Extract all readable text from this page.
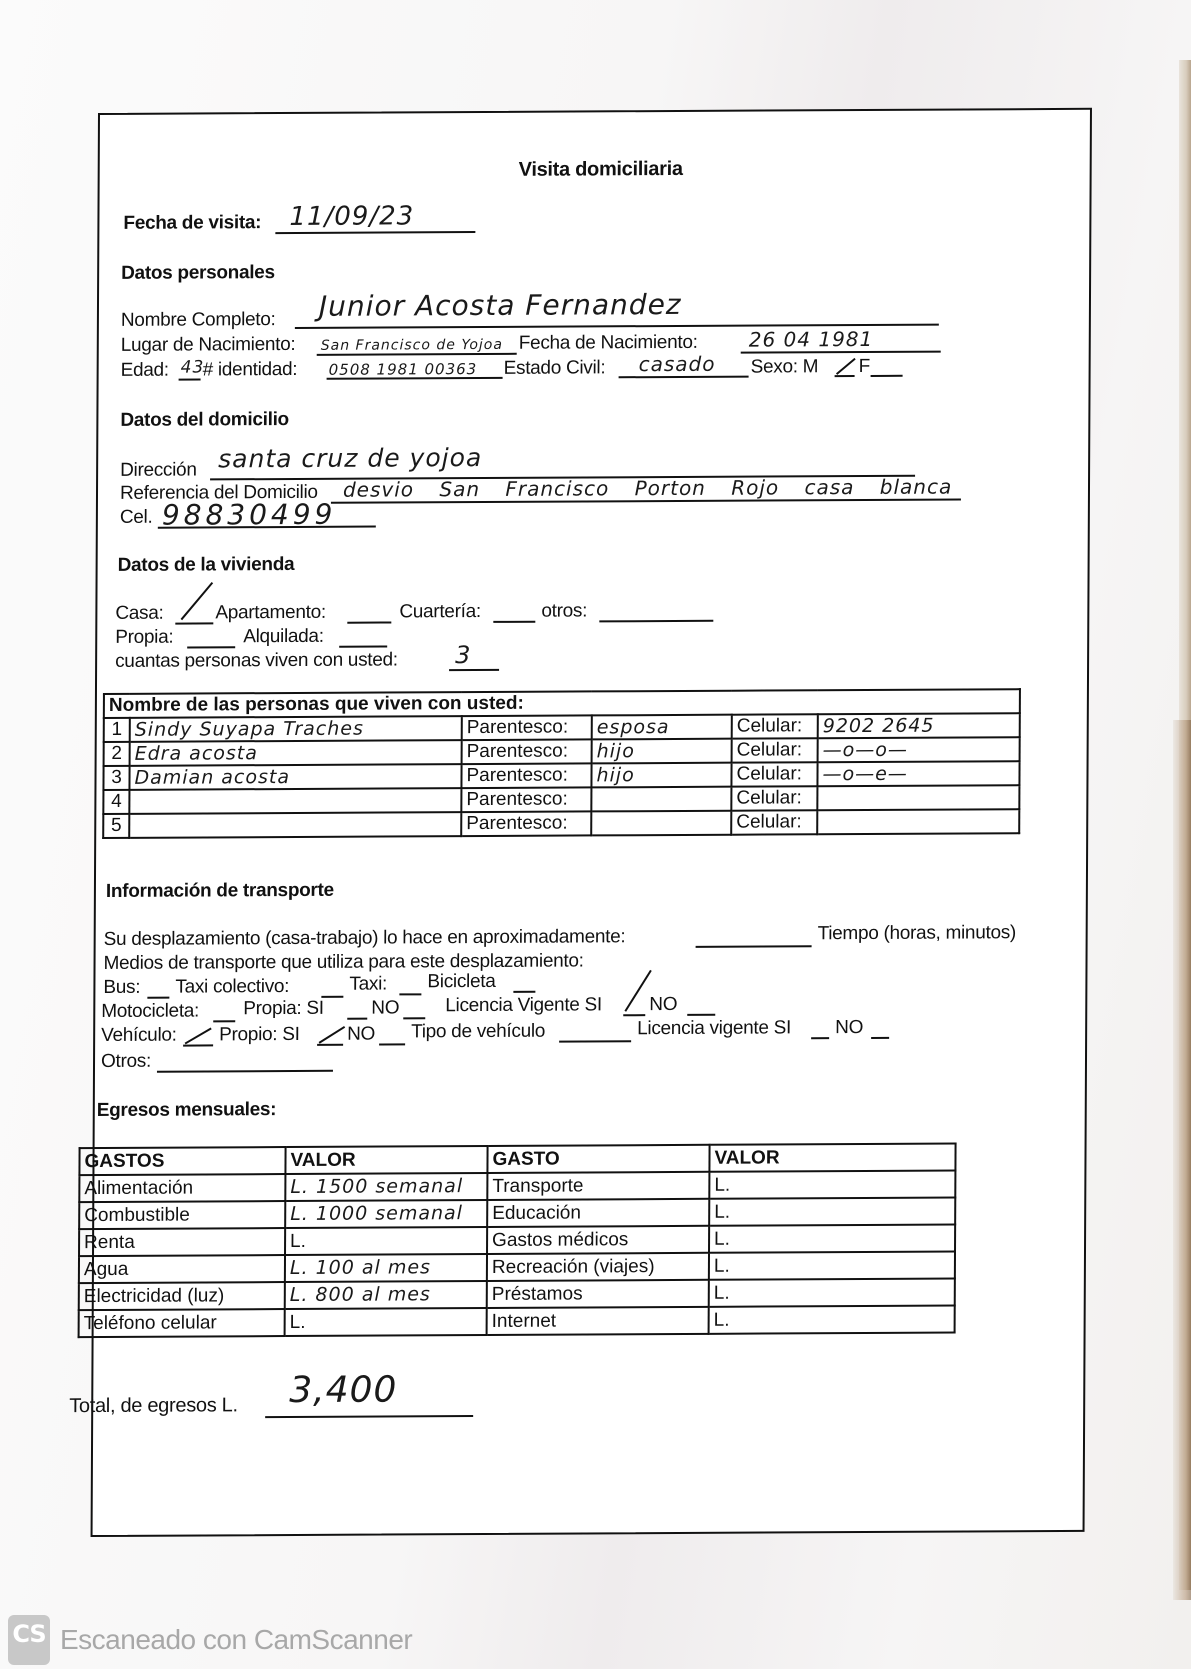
Visita domiciliaria
Fecha de visita: 11/09/23
Datos personales
Nombre Completo: Junior Acosta Fernandez
Lugar de Nacimiento: San Francisco de Yojoa Fecha de Nacimiento:	26 04 1981
Edad: 43
# identidad: 0508 1981 00363 Estado Civil: casado Sexo: M F
Datos del domicilio
Dirección santa cruz de yojoa
Referencia del Domicilio desvio San Francisco Porton Rojo casa blanca
Cel. 98830499
Datos de la vivienda
Casa:	Apartamento:	Cuartería:	otros:
Propia:	Alquilada:
cuantas personas viven con usted: 3
Nombre de las personas que viven con usted:					
1	Sindy Suyapa Traches	Parentesco:	esposa	Celular:	9202 2645
2	Edra acosta	Parentesco:	hijo	Celular:	—o—o—
3	Damian acosta	Parentesco:	hijo	Celular:	—o—e—
4		Parentesco:		Celular:	
5		Parentesco:		Celular:	
Información de transporte
Su desplazamiento (casa-trabajo) lo hace en aproximadamente:	Tiempo (horas, minutos)
Medios de transporte que utiliza para este desplazamiento:
Bus: Taxi colectivo:	Taxi: Bicicleta
Motocicleta: Propia: SI NO Licencia Vigente SI NO
Vehículo: Propio: SI NO Tipo de vehículo	Licencia vigente SI NO
Otros:
Egresos mensuales:
GASTOS	VALOR	GASTO	VALOR
Alimentación	L. 1500 semanal	Transporte	L.
Combustible	L. 1000 semanal	Educación	L.
Renta	L.	Gastos médicos	L.
Agua	L. 100 al mes	Recreación (viajes)	L.
Electricidad (luz)	L. 800 al mes	Préstamos	L.
Teléfono celular	L.	Internet	L.
Total, de egresos L. 3,400
CS Escaneado con CamScanner
